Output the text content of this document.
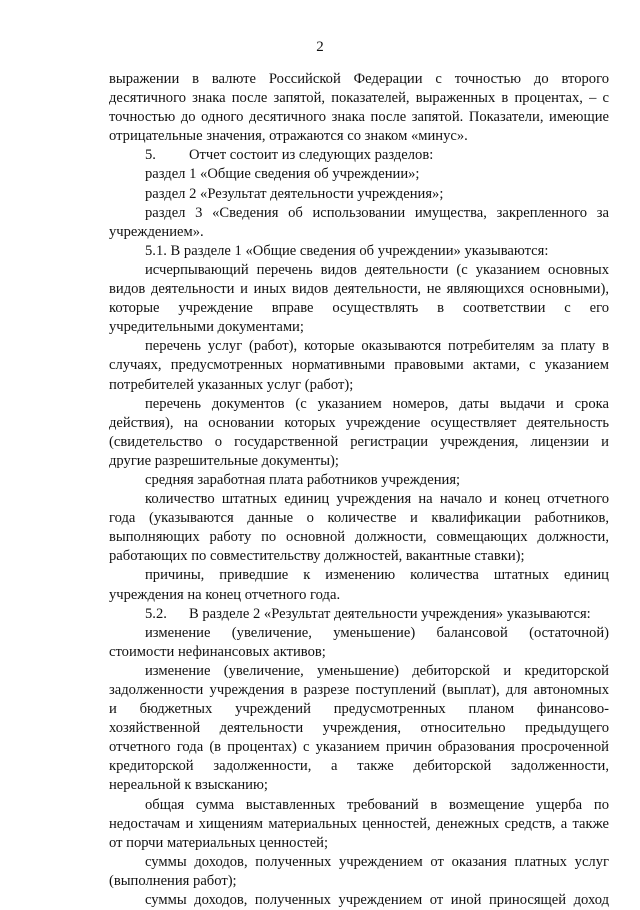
2
выражении в валюте Российской Федерации с точностью до второго
десятичного знака после запятой, показателей, выраженных в процентах, – с
точностью до одного десятичного знака после запятой. Показатели, имеющие
отрицательные значения, отражаются со знаком «минус».
5. Отчет состоит из следующих разделов:
раздел 1 «Общие сведения об учреждении»;
раздел 2 «Результат деятельности учреждения»;
раздел 3 «Сведения об использовании имущества, закрепленного за
учреждением».
5.1. В разделе 1 «Общие сведения об учреждении» указываются:
исчерпывающий перечень видов деятельности (с указанием основных
видов деятельности и иных видов деятельности, не являющихся основными),
которые учреждение вправе осуществлять в соответствии с его
учредительными документами;
перечень услуг (работ), которые оказываются потребителям за плату в
случаях, предусмотренных нормативными правовыми актами, с указанием
потребителей указанных услуг (работ);
перечень документов (с указанием номеров, даты выдачи и срока
действия), на основании которых учреждение осуществляет деятельность
(свидетельство о государственной регистрации учреждения, лицензии и
другие разрешительные документы);
средняя заработная плата работников учреждения;
количество штатных единиц учреждения на начало и конец отчетного
года (указываются данные о количестве и квалификации работников,
выполняющих работу по основной должности, совмещающих должности,
работающих по совместительству должностей, вакантные ставки);
причины, приведшие к изменению количества штатных единиц
учреждения на конец отчетного года.
5.2. В разделе 2 «Результат деятельности учреждения» указываются:
изменение (увеличение, уменьшение) балансовой (остаточной)
стоимости нефинансовых активов;
изменение (увеличение, уменьшение) дебиторской и кредиторской
задолженности учреждения в разрезе поступлений (выплат), для автономных
и бюджетных учреждений предусмотренных планом финансово-
хозяйственной деятельности учреждения, относительно предыдущего
отчетного года (в процентах) с указанием причин образования просроченной
кредиторской задолженности, а также дебиторской задолженности,
нереальной к взысканию;
общая сумма выставленных требований в возмещение ущерба по
недостачам и хищениям материальных ценностей, денежных средств, а также
от порчи материальных ценностей;
суммы доходов, полученных учреждением от оказания платных услуг
(выполнения работ);
суммы доходов, полученных учреждением от иной приносящей доход
